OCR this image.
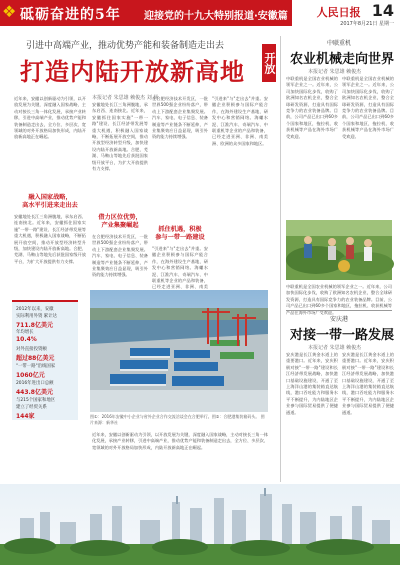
❖ 砥砺奋进的5年 迎接党的十九大特别报道·安徽篇	人民日报 14
2017年8月21日 星期一
引进中高端产业，推动优势产能和装备制造走出去
打造内陆开放新高地 开放
近年来，安徽以创新驱动为引领，以开放发展为关键，深度融入国家战略，主动对接长三角一体化发展，承接产业转移，引进中高端产业，推动优势产能和装备制造走出去，全方位、多层次、宽领域的对外开放格局加快形成，内陆开放新高地正在崛起。
融入国家战略，
高水平引进来走出去
安徽地处长江三角洲腹地，承东启西、连南接北。近年来，安徽抓住国家实施"一带一路"建设、长江经济带发展等重大机遇，积极融入国家战略，不断拓展开放空间，推动开放型经济转型升级，加快建设内陆开放新高地。合肥、芜湖、马鞍山等地先后获批国家级开放平台，为扩大开放提供有力支撑。
2012年以来，安徽
实际利用外资 累计达
711.8亿美元
年均增长
10.4%
对外直接投资额
超过88亿美元
"一带一路"沿线国家
1060亿元
2016年进出口总额
443.8亿美元
与215个国家和地区
建立了经贸关系
144家
本报记者 朱思雄 赖俊杰 刘 杨
安徽地处长江三角洲腹地，承东启西、连南接北。近年来，安徽抓住国家实施"一带一路"建设、长江经济带发展等重大机遇，积极融入国家战略，不断拓展开放空间，推动开放型经济转型升级，加快建设内陆开放新高地。合肥、芜湖、马鞍山等地先后获批国家级开放平台，为扩大开放提供有力支撑。
借力区位优势，
产业集聚崛起
在合肥经济技术开发区，一批世界500强企业纷纷落户，带动上下游配套企业集聚发展。汽车、家电、电子信息、装备制造等产业链条不断延伸，产业集聚效应日益显现，吸引外资的能力持续增强。
在合肥经济技术开发区，一批世界500强企业纷纷落户，带动上下游配套企业集聚发展。汽车、家电、电子信息、装备制造等产业链条不断延伸，产业集聚效应日益显现，吸引外资的能力持续增强。
抓住机遇，积极
参与一带一路建设
"引进来"与"走出去"并重。安徽企业积极参与国际产能合作，在海外建设生产基地、研发中心和营销网络。海螺水泥、江淮汽车、奇瑞汽车、中联重机等企业的产品和装备，已经走进亚洲、非洲、南美
"引进来"与"走出去"并重。安徽企业积极参与国际产能合作，在海外建设生产基地、研发中心和营销网络。海螺水泥、江淮汽车、奇瑞汽车、中联重机等企业的产品和装备，已经走进亚洲、非洲、南美洲、欧洲的众多国家和地区。
图①：2016年安徽中小企业与省外企业合作交流洽谈会在合肥举行。图②：合肥港集装箱码头。 图片来源：新华社
近年来，安徽以创新驱动为引领，以开放发展为关键，深度融入国家战略，主动对接长三角一体化发展，承接产业转移，引进中高端产业，推动优势产能和装备制造走出去，全方位、多层次、宽领域的对外开放格局加快形成，内陆开放新高地正在崛起。
中联重机
农业机械走向世界
本报记者 朱思雄 赖俊杰
中联重机是全国农业机械的领军企业之一。近年来，公司加快国际化步伐，收购了欧洲知名农机企业，整合全球研发资源，打造具有国际竞争力的农业装备品牌。目前，公司产品已出口到60多个国家和地区，拖拉机、收获机械等产品在海外市场广受欢迎。
中联重机是全国农业机械的领军企业之一。近年来，公司加快国际化步伐，收购了欧洲知名农机企业，整合全球研发资源，打造具有国际竞争力的农业装备品牌。目前，公司产品已出口到60多个国家和地区，拖拉机、收获机械等产品在海外市场广受欢迎。
中联重机是全国农业机械的领军企业之一。近年来，公司加快国际化步伐，收购了欧洲知名农机企业，整合全球研发资源，打造具有国际竞争力的农业装备品牌。目前，公司产品已出口到60多个国家和地区，拖拉机、收获机械等产品在海外市场广受欢迎。
安庆港
对接一带一路发展
本报记者 朱思雄 赖俊杰
安庆港是长江黄金水道上的重要港口。近年来，安庆积极对接"一带一路"建设和长江经济带发展战略，加快港口基础设施建设，开通了至上海洋山港的集装箱直达航线，港口吞吐能力和服务水平不断提升，为内陆地区企业参与国际贸易提供了便捷通道。
安庆港是长江黄金水道上的重要港口。近年来，安庆积极对接"一带一路"建设和长江经济带发展战略，加快港口基础设施建设，开通了至上海洋山港的集装箱直达航线，港口吞吐能力和服务水平不断提升，为内陆地区企业参与国际贸易提供了便捷通道。
